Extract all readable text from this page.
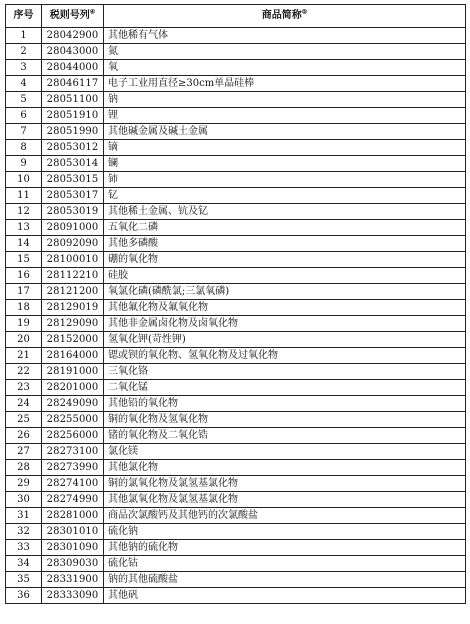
序号	税则号列④	商品简称⑤
1	28042900	其他稀有气体
2	28043000	氮
3	28044000	氧
4	28046117	电子工业用直径≥30cm单晶硅棒
5	28051100	钠
6	28051910	锂
7	28051990	其他碱金属及碱土金属
8	28053012	镝
9	28053014	镧
10	28053015	铈
11	28053017	钇
12	28053019	其他稀土金属、钪及钇
13	28091000	五氧化二磷
14	28092090	其他多磷酸
15	28100010	硼的氧化物
16	28112210	硅胶
17	28121200	氧氯化磷(磷酰氯;三氯氧磷)
18	28129019	其他氟化物及氟氧化物
19	28129090	其他非金属卤化物及卤氧化物
20	28152000	氢氧化钾(苛性钾)
21	28164000	锶或钡的氧化物、氢氧化物及过氧化物
22	28191000	三氧化铬
23	28201000	二氧化锰
24	28249090	其他铅的氧化物
25	28255000	铜的氧化物及氢氧化物
26	28256000	锗的氧化物及二氧化锆
27	28273100	氯化镁
28	28273990	其他氯化物
29	28274100	铜的氯氧化物及氯氢基氯化物
30	28274990	其他氯氧化物及氯氢基氯化物
31	28281000	商品次氯酸钙及其他钙的次氯酸盐
32	28301010	硫化钠
33	28301090	其他钠的硫化物
34	28309030	硫化钴
35	28331900	钠的其他硫酸盐
36	28333090	其他矾
